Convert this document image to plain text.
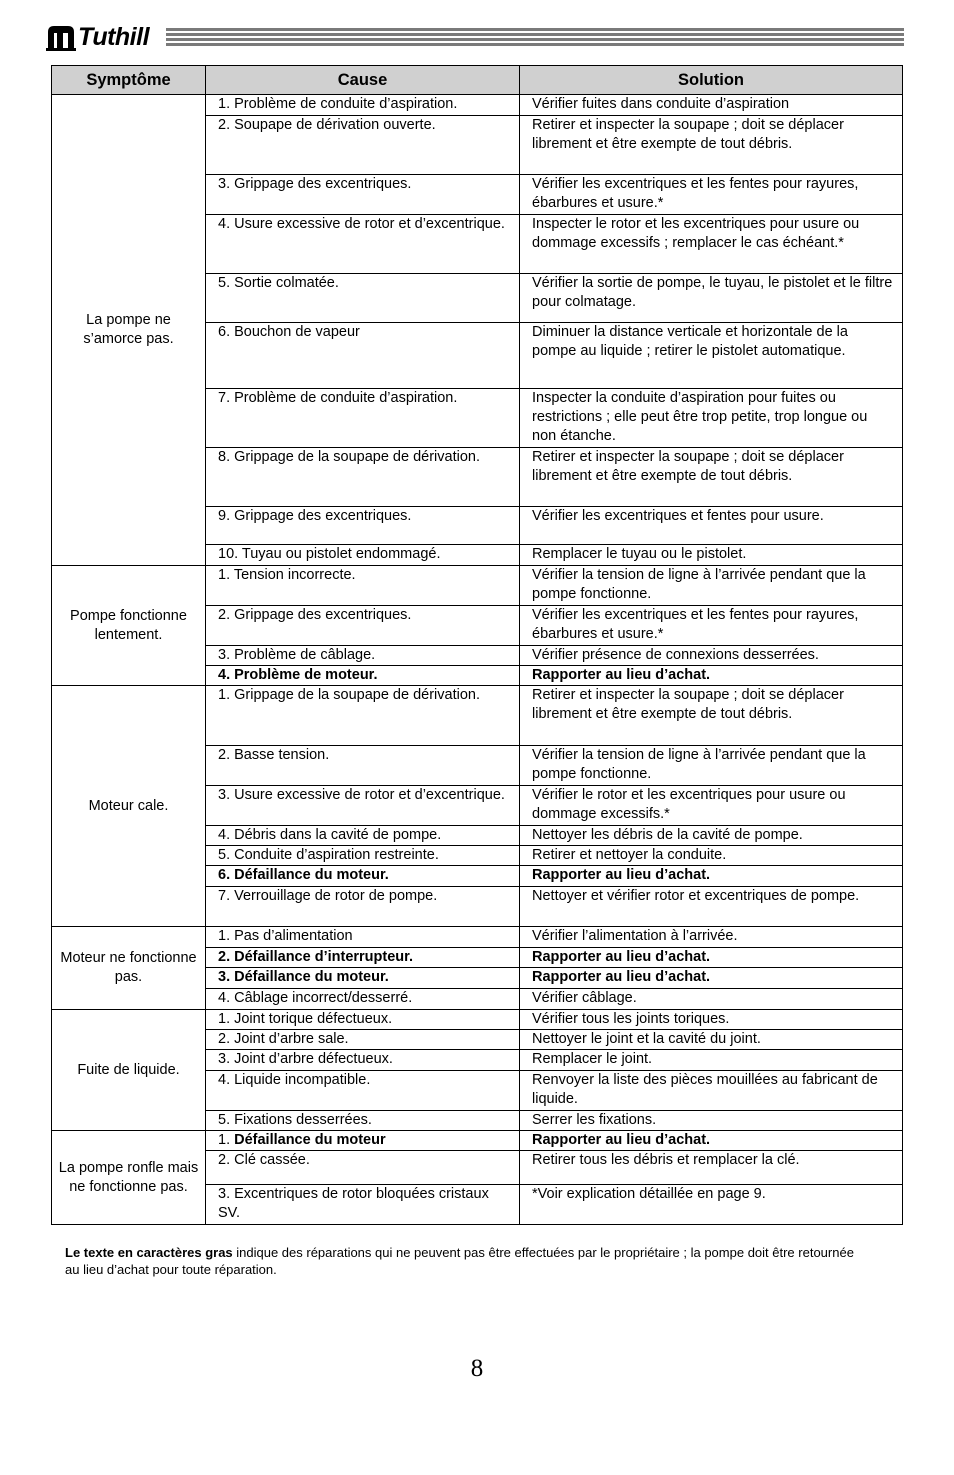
Tuthill
Symptôme	Cause	Solution
La pompe ne s’amorce pas.	1. Problème de conduite d’aspiration.	Vérifier fuites dans conduite d’aspiration
	2. Soupape de dérivation ouverte.	Retirer et inspecter la soupape ; doit se déplacer librement et être exempte de tout débris.
	3. Grippage des excentriques.	Vérifier les excentriques et les fentes pour rayures, ébarbures et usure.*
	4. Usure excessive de rotor et d’excentrique.	Inspecter le rotor et les excentriques pour usure ou dommage excessifs ; remplacer le cas échéant.*
	5. Sortie colmatée.	Vérifier la sortie de pompe, le tuyau, le pistolet et le filtre pour colmatage.
	6. Bouchon de vapeur	Diminuer la distance verticale et horizontale de la pompe au liquide ; retirer le pistolet automatique.
	7. Problème de conduite d’aspiration.	Inspecter la conduite d’aspiration pour fuites ou restrictions ; elle peut être trop petite, trop longue ou non étanche.
	8. Grippage de la soupape de dérivation.	Retirer et inspecter la soupape ; doit se déplacer librement et être exempte de tout débris.
	9. Grippage des excentriques.	Vérifier les excentriques et fentes pour usure.
	10. Tuyau ou pistolet endommagé.	Remplacer le tuyau ou le pistolet.
Pompe fonctionne lentement.	1. Tension incorrecte.	Vérifier la tension de ligne à l’arrivée pendant que la pompe fonctionne.
	2. Grippage des excentriques.	Vérifier les excentriques et les fentes pour rayures, ébarbures et usure.*
	3. Problème de câblage.	Vérifier présence de connexions desserrées.
	4. Problème de moteur.	Rapporter au lieu d’achat.
Moteur cale.	1. Grippage de la soupape de dérivation.	Retirer et inspecter la soupape ; doit se déplacer librement et être exempte de tout débris.
	2. Basse tension.	Vérifier la tension de ligne à l’arrivée pendant que la pompe fonctionne.
	3. Usure excessive de rotor et d’excentrique.	Vérifier le rotor et les excentriques pour usure ou dommage excessifs.*
	4. Débris dans la cavité de pompe.	Nettoyer les débris de la cavité de pompe.
	5. Conduite d’aspiration restreinte.	Retirer et nettoyer la conduite.
	6. Défaillance du moteur.	Rapporter au lieu d’achat.
	7. Verrouillage de rotor de pompe.	Nettoyer et vérifier rotor et excentriques de pompe.
Moteur ne fonctionne pas.	1. Pas d’alimentation	Vérifier l’alimentation à l’arrivée.
	2. Défaillance d’interrupteur.	Rapporter au lieu d’achat.
	3. Défaillance du moteur.	Rapporter au lieu d’achat.
	4. Câblage incorrect/desserré.	Vérifier câblage.
Fuite de liquide.	1. Joint torique défectueux.	Vérifier tous les joints toriques.
	2. Joint d’arbre sale.	Nettoyer le joint et la cavité du joint.
	3. Joint d’arbre défectueux.	Remplacer le joint.
	4. Liquide incompatible.	Renvoyer la liste des pièces mouillées au fabricant de liquide.
	5. Fixations desserrées.	Serrer les fixations.
La pompe ronfle mais ne fonctionne pas.	1. Défaillance du moteur	Rapporter au lieu d’achat.
	2. Clé cassée.	Retirer tous les débris et remplacer la clé.
	3. Excentriques de rotor bloquées cristaux SV.	*Voir explication détaillée en page 9.
Le texte en caractères gras indique des réparations qui ne peuvent pas être effectuées par le propriétaire ; la pompe doit être retournée au lieu d’achat pour toute réparation.
8
